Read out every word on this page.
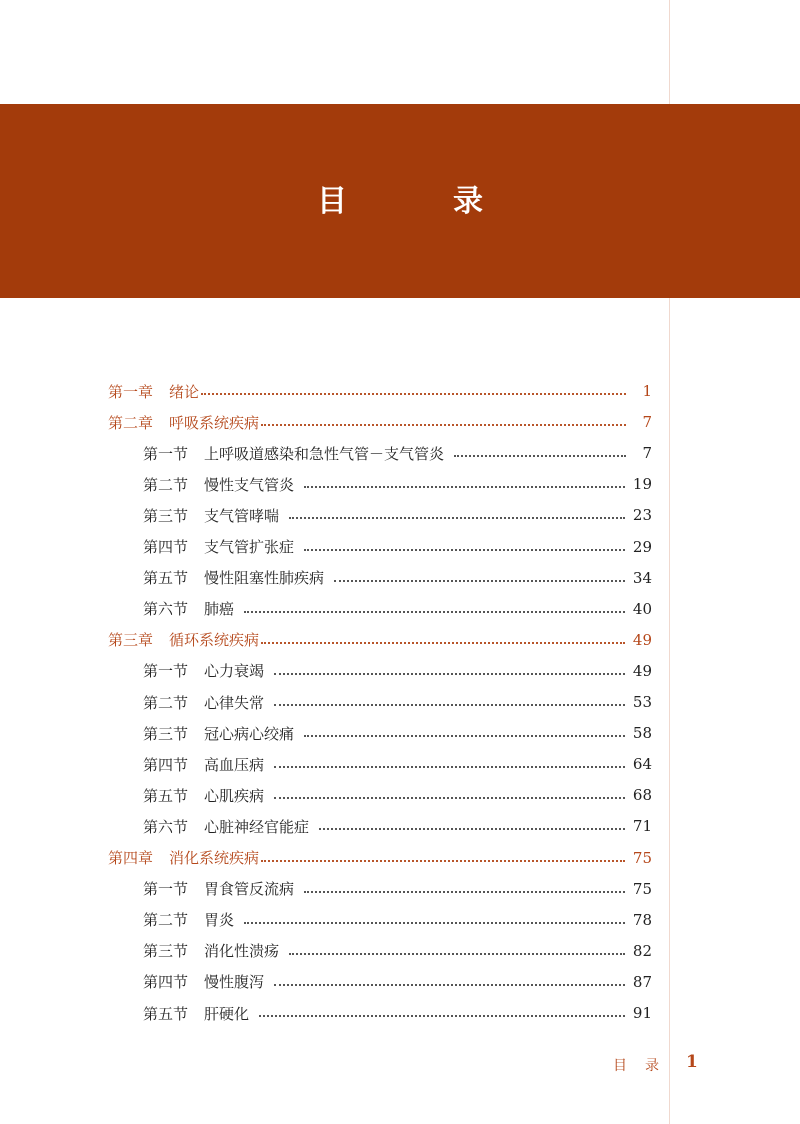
目　录
第一章 绪论	1
第二章 呼吸系统疾病	7
第一节 上呼吸道感染和急性气管－支气管炎	7
第二节 慢性支气管炎	19
第三节 支气管哮喘	23
第四节 支气管扩张症	29
第五节 慢性阻塞性肺疾病	34
第六节 肺癌	40
第三章 循环系统疾病	49
第一节 心力衰竭	49
第二节 心律失常	53
第三节 冠心病心绞痛	58
第四节 高血压病	64
第五节 心肌疾病	68
第六节 心脏神经官能症	71
第四章 消化系统疾病	75
第一节 胃食管反流病	75
第二节 胃炎	78
第三节 消化性溃疡	82
第四节 慢性腹泻	87
第五节 肝硬化	91
目录 1
